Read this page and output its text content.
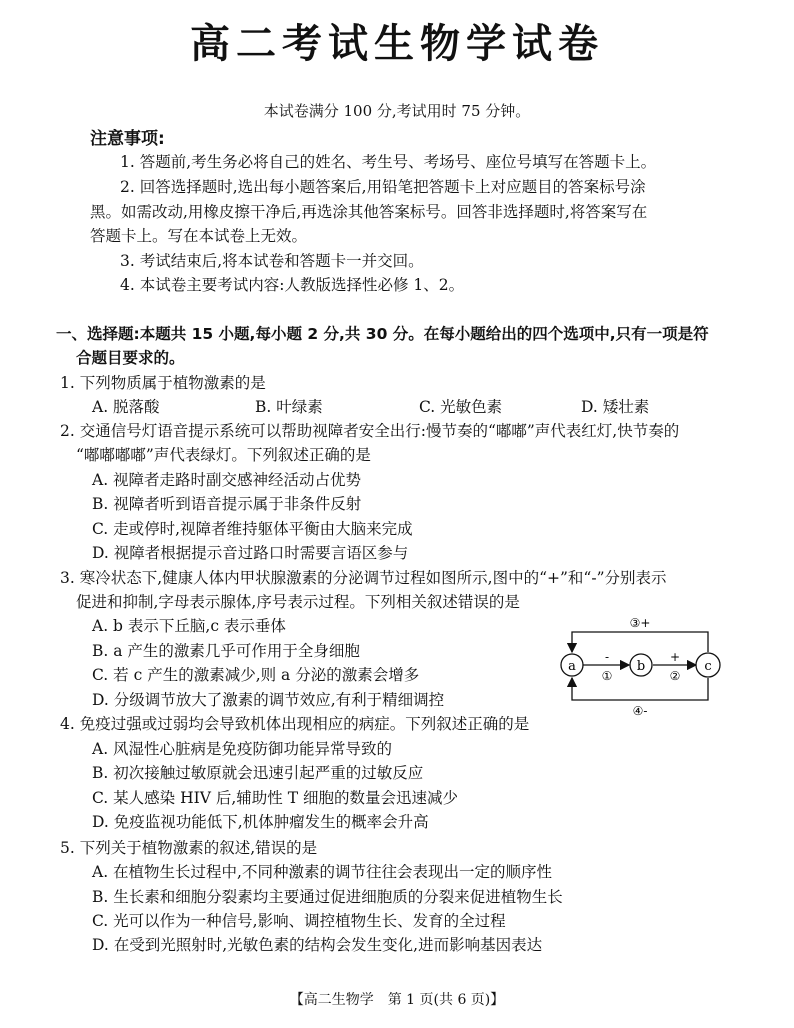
高二考试生物学试卷
本试卷满分 100 分,考试用时 75 分钟。
注意事项:
1. 答题前,考生务必将自己的姓名、考生号、考场号、座位号填写在答题卡上。
2. 回答选择题时,选出每小题答案后,用铅笔把答题卡上对应题目的答案标号涂
黑。如需改动,用橡皮擦干净后,再选涂其他答案标号。回答非选择题时,将答案写在
答题卡上。写在本试卷上无效。
3. 考试结束后,将本试卷和答题卡一并交回。
4. 本试卷主要考试内容:人教版选择性必修 1、2。
一、选择题:本题共 15 小题,每小题 2 分,共 30 分。在每小题给出的四个选项中,只有一项是符
合题目要求的。
1. 下列物质属于植物激素的是
A. 脱落酸	B. 叶绿素	C. 光敏色素	D. 矮壮素
2. 交通信号灯语音提示系统可以帮助视障者安全出行:慢节奏的“嘟嘟”声代表红灯,快节奏的
“嘟嘟嘟嘟”声代表绿灯。下列叙述正确的是
A. 视障者走路时副交感神经活动占优势
B. 视障者听到语音提示属于非条件反射
C. 走或停时,视障者维持躯体平衡由大脑来完成
D. 视障者根据提示音过路口时需要言语区参与
3. 寒冷状态下,健康人体内甲状腺激素的分泌调节过程如图所示,图中的“+”和“-”分别表示
促进和抑制,字母表示腺体,序号表示过程。下列相关叙述错误的是
A. b 表示下丘脑,c 表示垂体
B. a 产生的激素几乎可作用于全身细胞
C. 若 c 产生的激素减少,则 a 分泌的激素会增多
D. 分级调节放大了激素的调节效应,有利于精细调控
a	b	c
③+
④-
-
①
+
②
4. 免疫过强或过弱均会导致机体出现相应的病症。下列叙述正确的是
A. 风湿性心脏病是免疫防御功能异常导致的
B. 初次接触过敏原就会迅速引起严重的过敏反应
C. 某人感染 HIV 后,辅助性 T 细胞的数量会迅速减少
D. 免疫监视功能低下,机体肿瘤发生的概率会升高
5. 下列关于植物激素的叙述,错误的是
A. 在植物生长过程中,不同种激素的调节往往会表现出一定的顺序性
B. 生长素和细胞分裂素均主要通过促进细胞质的分裂来促进植物生长
C. 光可以作为一种信号,影响、调控植物生长、发育的全过程
D. 在受到光照射时,光敏色素的结构会发生变化,进而影响基因表达
【高二生物学　第 1 页(共 6 页)】
